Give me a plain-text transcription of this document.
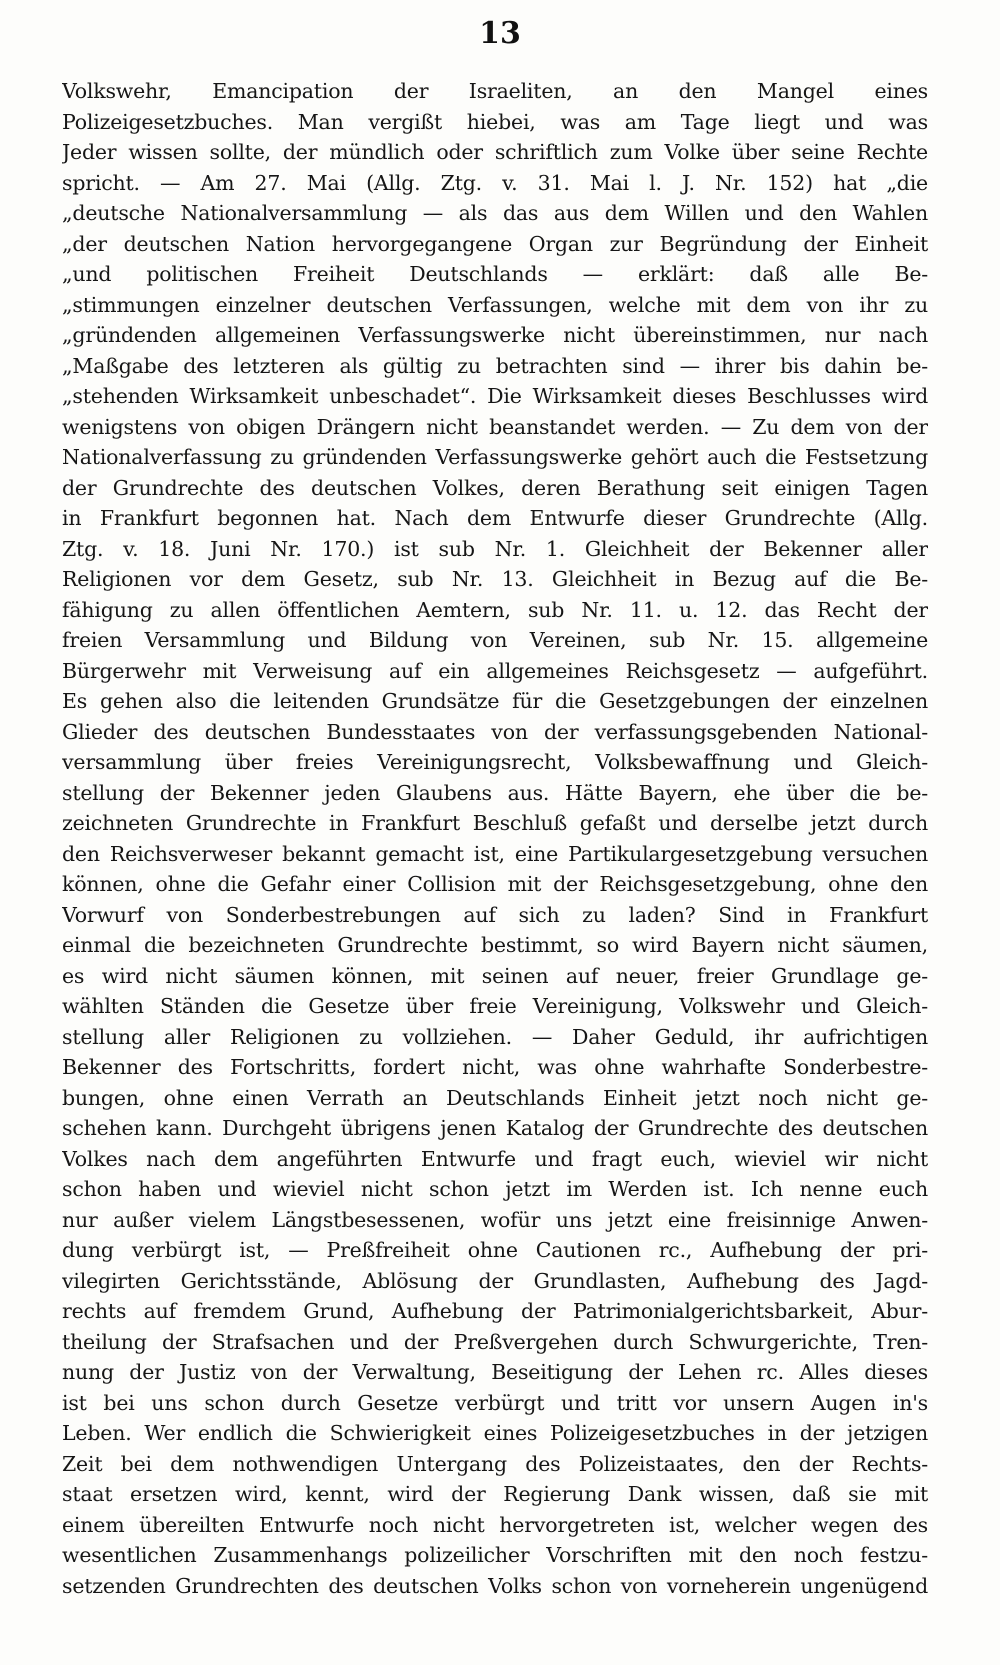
13
Volkswehr, Emancipation der Israeliten, an den Mangel eines
Polizeigesetzbuches. Man vergißt hiebei, was am Tage liegt und was
Jeder wissen sollte, der mündlich oder schriftlich zum Volke über seine Rechte
spricht. — Am 27. Mai (Allg. Ztg. v. 31. Mai l. J. Nr. 152) hat „die
„deutsche Nationalversammlung — als das aus dem Willen und den Wahlen
„der deutschen Nation hervorgegangene Organ zur Begründung der Einheit
„und politischen Freiheit Deutschlands — erklärt: daß alle Be-
„stimmungen einzelner deutschen Verfassungen, welche mit dem von ihr zu
„gründenden allgemeinen Verfassungswerke nicht übereinstimmen, nur nach
„Maßgabe des letzteren als gültig zu betrachten sind — ihrer bis dahin be-
„stehenden Wirksamkeit unbeschadet“. Die Wirksamkeit dieses Beschlusses wird
wenigstens von obigen Drängern nicht beanstandet werden. — Zu dem von der
Nationalverfassung zu gründenden Verfassungswerke gehört auch die Festsetzung
der Grundrechte des deutschen Volkes, deren Berathung seit einigen Tagen
in Frankfurt begonnen hat. Nach dem Entwurfe dieser Grundrechte (Allg.
Ztg. v. 18. Juni Nr. 170.) ist sub Nr. 1. Gleichheit der Bekenner aller
Religionen vor dem Gesetz, sub Nr. 13. Gleichheit in Bezug auf die Be-
fähigung zu allen öffentlichen Aemtern, sub Nr. 11. u. 12. das Recht der
freien Versammlung und Bildung von Vereinen, sub Nr. 15. allgemeine
Bürgerwehr mit Verweisung auf ein allgemeines Reichsgesetz — aufgeführt.
Es gehen also die leitenden Grundsätze für die Gesetzgebungen der einzelnen
Glieder des deutschen Bundesstaates von der verfassungsgebenden National-
versammlung über freies Vereinigungsrecht, Volksbewaffnung und Gleich-
stellung der Bekenner jeden Glaubens aus. Hätte Bayern, ehe über die be-
zeichneten Grundrechte in Frankfurt Beschluß gefaßt und derselbe jetzt durch
den Reichsverweser bekannt gemacht ist, eine Partikulargesetzgebung versuchen
können, ohne die Gefahr einer Collision mit der Reichsgesetzgebung, ohne den
Vorwurf von Sonderbestrebungen auf sich zu laden? Sind in Frankfurt
einmal die bezeichneten Grundrechte bestimmt, so wird Bayern nicht säumen,
es wird nicht säumen können, mit seinen auf neuer, freier Grundlage ge-
wählten Ständen die Gesetze über freie Vereinigung, Volkswehr und Gleich-
stellung aller Religionen zu vollziehen. — Daher Geduld, ihr aufrichtigen
Bekenner des Fortschritts, fordert nicht, was ohne wahrhafte Sonderbestre-
bungen, ohne einen Verrath an Deutschlands Einheit jetzt noch nicht ge-
schehen kann. Durchgeht übrigens jenen Katalog der Grundrechte des deutschen
Volkes nach dem angeführten Entwurfe und fragt euch, wieviel wir nicht
schon haben und wieviel nicht schon jetzt im Werden ist. Ich nenne euch
nur außer vielem Längstbesessenen, wofür uns jetzt eine freisinnige Anwen-
dung verbürgt ist, — Preßfreiheit ohne Cautionen rc., Aufhebung der pri-
vilegirten Gerichtsstände, Ablösung der Grundlasten, Aufhebung des Jagd-
rechts auf fremdem Grund, Aufhebung der Patrimonialgerichtsbarkeit, Abur-
theilung der Strafsachen und der Preßvergehen durch Schwurgerichte, Tren-
nung der Justiz von der Verwaltung, Beseitigung der Lehen rc. Alles dieses
ist bei uns schon durch Gesetze verbürgt und tritt vor unsern Augen in's
Leben. Wer endlich die Schwierigkeit eines Polizeigesetzbuches in der jetzigen
Zeit bei dem nothwendigen Untergang des Polizeistaates, den der Rechts-
staat ersetzen wird, kennt, wird der Regierung Dank wissen, daß sie mit
einem übereilten Entwurfe noch nicht hervorgetreten ist, welcher wegen des
wesentlichen Zusammenhangs polizeilicher Vorschriften mit den noch festzu-
setzenden Grundrechten des deutschen Volks schon von vorneherein ungenügend
